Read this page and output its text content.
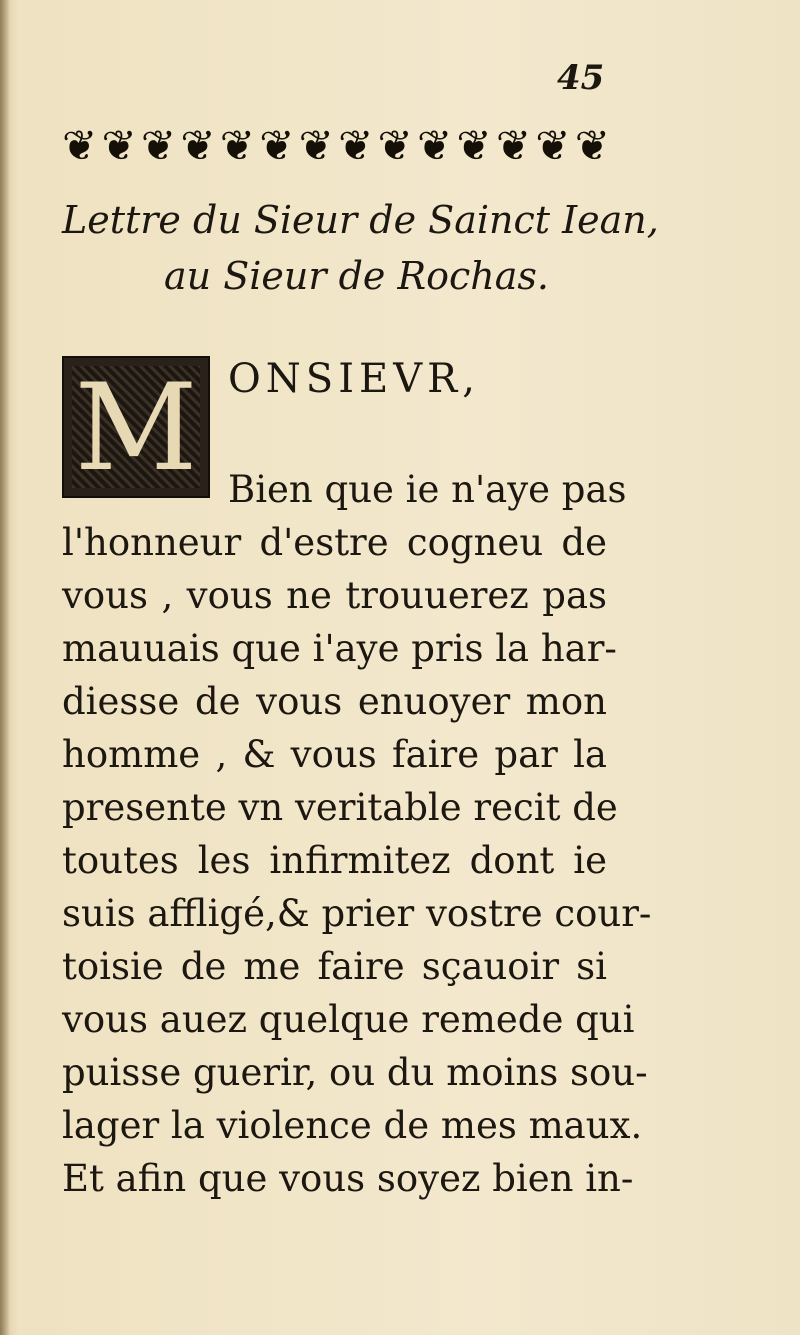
45
❦ ❦ ❦ ❦ ❦ ❦ ❦ ❦ ❦ ❦ ❦ ❦ ❦ ❦
Lettre du Sieur de Sainct Iean,
au Sieur de Rochas.
M ONSIEVR,
Bien que ie n'aye pas
l'honneur d'estre cogneu de
vous , vous ne trouuerez pas
mauuais que i'aye pris la har-
diesse de vous enuoyer mon
homme , & vous faire par la
presente vn veritable recit de
toutes les infirmitez dont ie
suis affligé,& prier vostre cour-
toisie de me faire sçauoir si
vous auez quelque remede qui
puisse guerir, ou du moins sou-
lager la violence de mes maux.
Et afin que vous soyez bien in-
